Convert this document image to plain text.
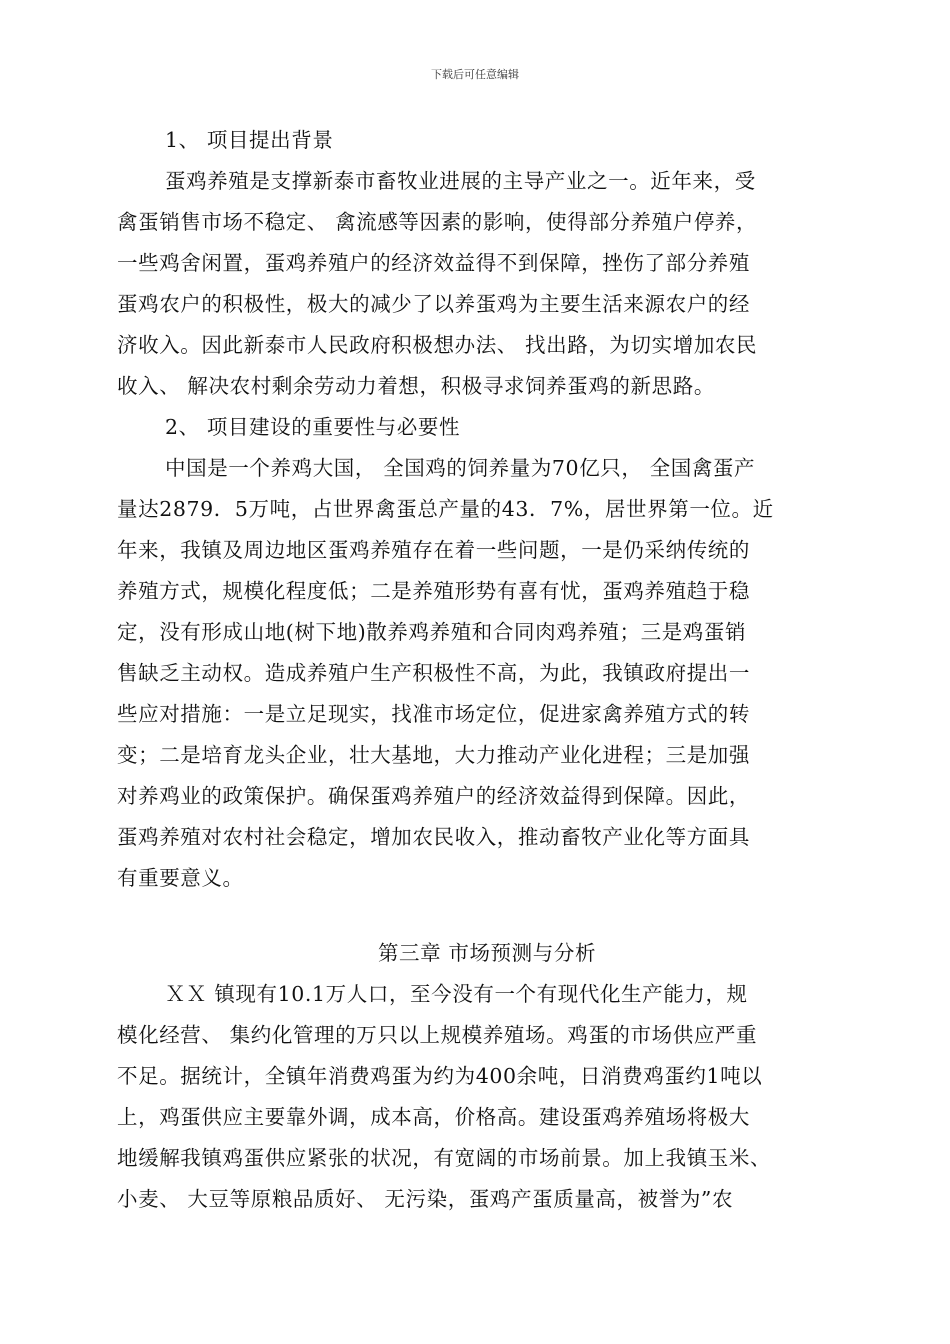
下载后可任意编辑
1、 项目提出背景
蛋鸡养殖是支撑新泰市畜牧业进展的主导产业之一。近年来，受
禽蛋销售市场不稳定、 禽流感等因素的影响，使得部分养殖户停养，
一些鸡舍闲置，蛋鸡养殖户的经济效益得不到保障，挫伤了部分养殖
蛋鸡农户的积极性，极大的减少了以养蛋鸡为主要生活来源农户的经
济收入。因此新泰市人民政府积极想办法、 找出路，为切实增加农民
收入、 解决农村剩余劳动力着想，积极寻求饲养蛋鸡的新思路。
2、 项目建设的重要性与必要性
中国是一个养鸡大国， 全国鸡的饲养量为70亿只， 全国禽蛋产
量达2879．5万吨，占世界禽蛋总产量的43．7%，居世界第一位。近
年来，我镇及周边地区蛋鸡养殖存在着一些问题，一是仍采纳传统的
养殖方式，规模化程度低；二是养殖形势有喜有忧，蛋鸡养殖趋于稳
定，没有形成山地(树下地)散养鸡养殖和合同肉鸡养殖；三是鸡蛋销
售缺乏主动权。造成养殖户生产积极性不高，为此，我镇政府提出一
些应对措施：一是立足现实，找准市场定位，促进家禽养殖方式的转
变；二是培育龙头企业，壮大基地，大力推动产业化进程；三是加强
对养鸡业的政策保护。确保蛋鸡养殖户的经济效益得到保障。因此，
蛋鸡养殖对农村社会稳定，增加农民收入，推动畜牧产业化等方面具
有重要意义。
第三章 市场预测与分析
ＸＸ 镇现有10.1万人口，至今没有一个有现代化生产能力，规
模化经营、 集约化管理的万只以上规模养殖场。鸡蛋的市场供应严重
不足。据统计，全镇年消费鸡蛋为约为400余吨，日消费鸡蛋约1吨以
上，鸡蛋供应主要靠外调，成本高，价格高。建设蛋鸡养殖场将极大
地缓解我镇鸡蛋供应紧张的状况，有宽阔的市场前景。加上我镇玉米、
小麦、 大豆等原粮品质好、 无污染，蛋鸡产蛋质量高，被誉为”农
